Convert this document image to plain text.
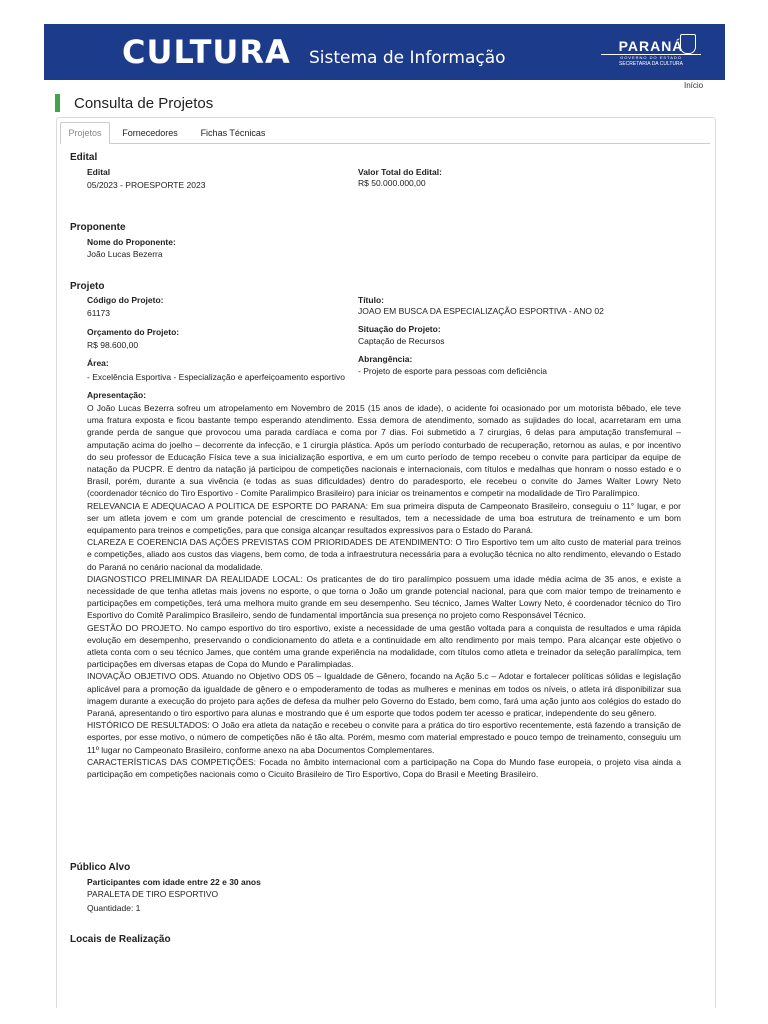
CULTURA Sistema de Informação
PARANÁ
GOVERNO DO ESTADO
SECRETARIA DA CULTURA
Início
Consulta de Projetos
Projetos	Fornecedores	Fichas Técnicas
Edital
Edital
05/2023 - PROESPORTE 2023
Valor Total do Edital:
R$ 50.000.000,00
Proponente
Nome do Proponente:
João Lucas Bezerra
Projeto
Código do Projeto:
61173
Título:
JOAO EM BUSCA DA ESPECIALIZAÇÃO ESPORTIVA - ANO 02
Orçamento do Projeto:
R$ 98.600,00
Situação do Projeto:
Captação de Recursos
Área:
- Excelência Esportiva - Especialização e aperfeiçoamento esportivo
Abrangência:
- Projeto de esporte para pessoas com deficiência
Apresentação:

O João Lucas Bezerra sofreu um atropelamento em Novembro de 2015 (15 anos de idade), o acidente foi ocasionado por um motorista bêbado, ele teve uma fratura exposta e ficou bastante tempo esperando atendimento. Essa demora de atendimento, somado as sujidades do local, acarretaram em uma grande perda de sangue que provocou uma parada cardíaca e coma por 7 dias. Foi submetido a 7 cirurgias, 6 delas para amputação transfemural – amputação acima do joelho – decorrente da infecção, e 1 cirurgia plástica. Após um período conturbado de recuperação, retornou as aulas, e por incentivo do seu professor de Educação Física teve a sua inicialização esportiva, e em um curto período de tempo recebeu o convite para participar da equipe de natação da PUCPR. E dentro da natação já participou de competições nacionais e internacionais, com títulos e medalhas que honram o nosso estado e o Brasil, porém, durante a sua vivência (e todas as suas dificuldades) dentro do paradesporto, ele recebeu o convite do James Walter Lowry Neto (coordenador técnico do Tiro Esportivo - Comite Paralimpico Brasileiro) para iniciar os treinamentos e competir na modalidade de Tiro Paralímpico.

RELEVANCIA E ADEQUACAO A POLITICA DE ESPORTE DO PARANA: Em sua primeira disputa de Campeonato Brasileiro, conseguiu o 11° lugar, e por ser um atleta jovem e com um grande potencial de crescimento e resultados, tem a necessidade de uma boa estrutura de treinamento e um bom equipamento para treinos e competições, para que consiga alcançar resultados expressivos para o Estado do Paraná.

CLAREZA E COERENCIA DAS AÇÕES PREVISTAS COM PRIORIDADES DE ATENDIMENTO: O Tiro Esportivo tem um alto custo de material para treinos e competições, aliado aos custos das viagens, bem como, de toda a infraestrutura necessária para a evolução técnica no alto rendimento, elevando o Estado do Paraná no cenário nacional da modalidade.

DIAGNOSTICO PRELIMINAR DA REALIDADE LOCAL: Os praticantes de do tiro paralímpico possuem uma idade média acima de 35 anos, e existe a necessidade de que tenha atletas mais jovens no esporte, o que torna o João um grande potencial nacional, para que com maior tempo de treinamento e participações em competições, terá uma melhora muito grande em seu desempenho. Seu técnico, James Walter Lowry Neto, é coordenador técnico do Tiro Esportivo do Comitê Paralimpico Brasileiro, sendo de fundamental importância sua presença no projeto como Responsável Técnico.

GESTÃO DO PROJETO. No campo esportivo do tiro esportivo, existe a necessidade de uma gestão voltada para a conquista de resultados e uma rápida evolução em desempenho, preservando o condicionamento do atleta e a continuidade em alto rendimento por mais tempo. Para alcançar este objetivo o atleta conta com o seu técnico James, que contém uma grande experiência na modalidade, com títulos como atleta e treinador da seleção paralímpica, tem participações em diversas etapas de Copa do Mundo e Paralimpiadas.

INOVAÇÃO OBJETIVO ODS. Atuando no Objetivo ODS 05 – Igualdade de Gênero, focando na Ação 5.c – Adotar e fortalecer políticas sólidas e legislação aplicável para a promoção da igualdade de gênero e o empoderamento de todas as mulheres e meninas em todos os níveis, o atleta irá disponibilizar sua imagem durante a execução do projeto para ações de defesa da mulher pelo Governo do Estado, bem como, fará uma ação junto aos colégios do estado do Paraná, apresentando o tiro esportivo para alunas e mostrando que é um esporte que todos podem ter acesso e praticar, independente do seu gênero.

HISTÓRICO DE RESULTADOS: O João era atleta da natação e recebeu o convite para a prática do tiro esportivo recentemente, está fazendo a transição de esportes, por esse motivo, o número de competições não é tão alta. Porém, mesmo com material emprestado e pouco tempo de treinamento, conseguiu um 11º lugar no Campeonato Brasileiro, conforme anexo na aba Documentos Complementares.

CARACTERÍSTICAS DAS COMPETIÇÕES: Focada no âmbito internacional com a participação na Copa do Mundo fase europeia, o projeto visa ainda a participação em competições nacionais como o Cicuito Brasileiro de Tiro Esportivo, Copa do Brasil e Meeting Brasileiro.

Público Alvo
Participantes com idade entre 22 e 30 anos
PARALETA DE TIRO ESPORTIVO
Quantidade: 1
Locais de Realização
